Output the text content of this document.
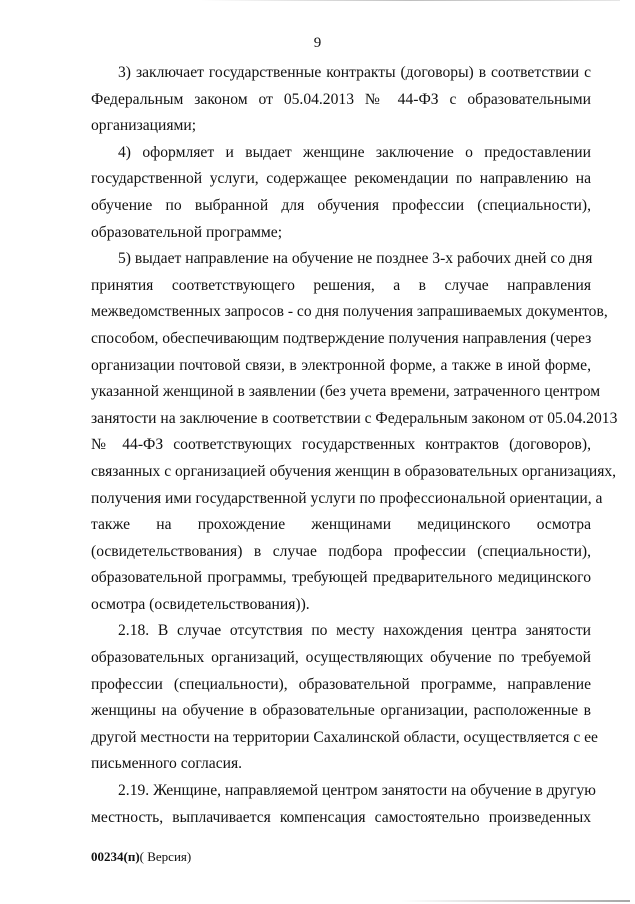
9

3) заключает государственные контракты (договоры) в соответствии с
Федеральным законом от 05.04.2013 № 44-ФЗ с образовательными
организациями;

4) оформляет и выдает женщине заключение о предоставлении
государственной услуги, содержащее рекомендации по направлению на
обучение по выбранной для обучения профессии (специальности),
образовательной программе;

5) выдает направление на обучение не позднее 3-х рабочих дней со дня
принятия соответствующего решения, а в случае направления
межведомственных запросов - со дня получения запрашиваемых документов,
способом, обеспечивающим подтверждение получения направления (через
организации почтовой связи, в электронной форме, а также в иной форме,
указанной женщиной в заявлении (без учета времени, затраченного центром
занятости на заключение в соответствии с Федеральным законом от 05.04.2013
№ 44-ФЗ соответствующих государственных контрактов (договоров),
связанных с организацией обучения женщин в образовательных организациях,
получения ими государственной услуги по профессиональной ориентации, а
также на прохождение женщинами медицинского осмотра
(освидетельствования) в случае подбора профессии (специальности),
образовательной программы, требующей предварительного медицинского
осмотра (освидетельствования)).

2.18. В случае отсутствия по месту нахождения центра занятости
образовательных организаций, осуществляющих обучение по требуемой
профессии (специальности), образовательной программе, направление
женщины на обучение в образовательные организации, расположенные в
другой местности на территории Сахалинской области, осуществляется с ее
письменного согласия.

2.19. Женщине, направляемой центром занятости на обучение в другую
местность, выплачивается компенсация самостоятельно произведенных

00234(п)( Версия)
